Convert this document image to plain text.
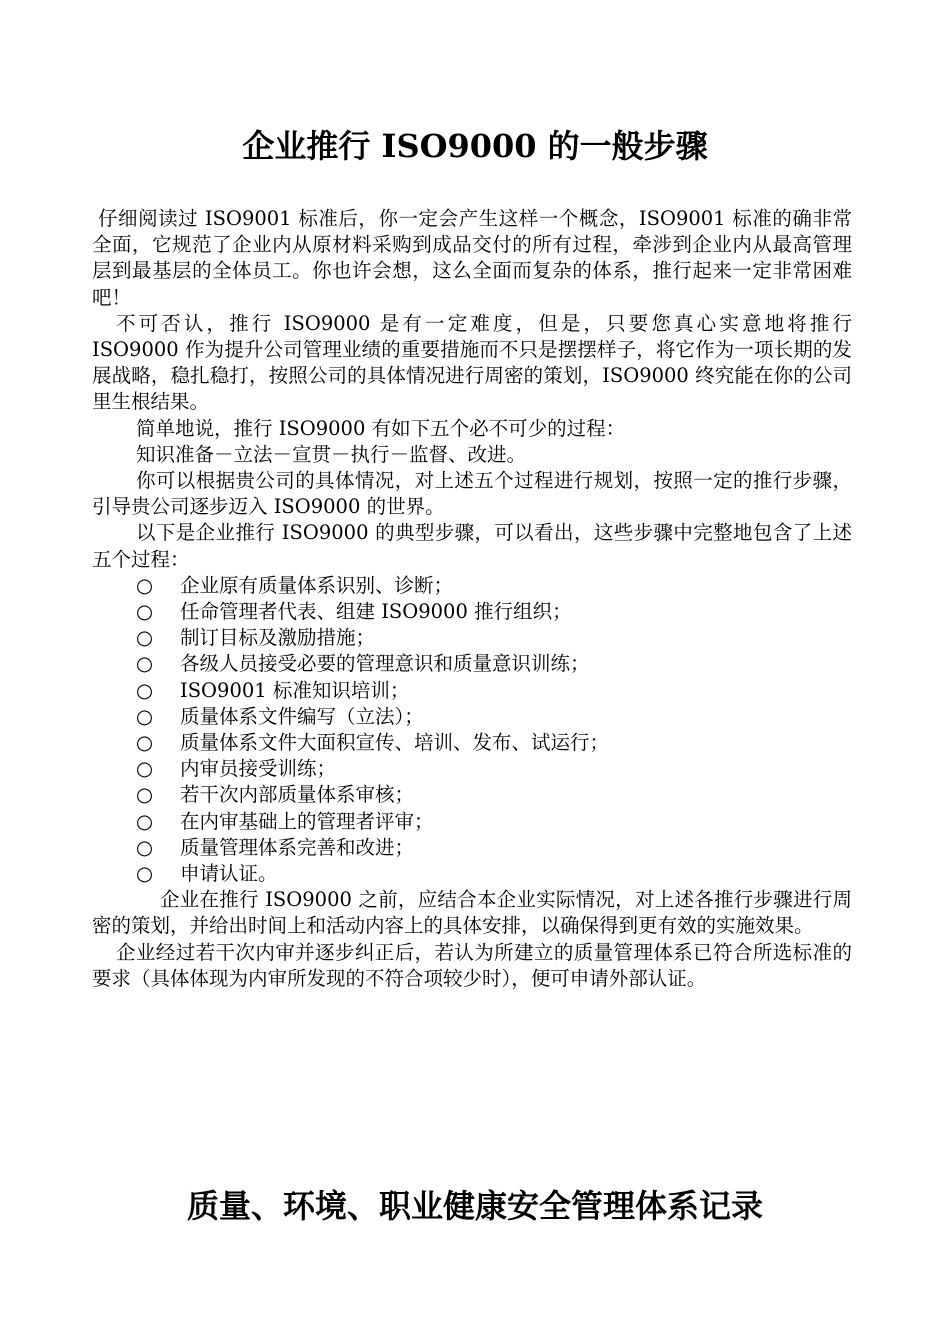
企业推行 ISO9000 的一般步骤

仔细阅读过 ISO9001 标准后，你一定会产生这样一个概念，ISO9001 标准的确非常全面，它规范了企业内从原材料采购到成品交付的所有过程，牵涉到企业内从最高管理层到最基层的全体员工。你也许会想，这么全面而复杂的体系，推行起来一定非常困难吧！

不可否认，推行 ISO9000 是有一定难度，但是，只要您真心实意地将推行 ISO9000 作为提升公司管理业绩的重要措施而不只是摆摆样子，将它作为一项长期的发展战略，稳扎稳打，按照公司的具体情况进行周密的策划，ISO9000 终究能在你的公司里生根结果。

简单地说，推行 ISO9000 有如下五个必不可少的过程：

知识准备－立法－宣贯－执行－监督、改进。

你可以根据贵公司的具体情况，对上述五个过程进行规划，按照一定的推行步骤，引导贵公司逐步迈入 ISO9000 的世界。

以下是企业推行 ISO9000 的典型步骤，可以看出，这些步骤中完整地包含了上述五个过程：

○ 企业原有质量体系识别、诊断；
○ 任命管理者代表、组建 ISO9000 推行组织；
○ 制订目标及激励措施；
○ 各级人员接受必要的管理意识和质量意识训练；
○ ISO9001 标准知识培训；
○ 质量体系文件编写（立法）；
○ 质量体系文件大面积宣传、培训、发布、试运行；
○ 内审员接受训练；
○ 若干次内部质量体系审核；
○ 在内审基础上的管理者评审；
○ 质量管理体系完善和改进；
○ 申请认证。

企业在推行 ISO9000 之前，应结合本企业实际情况，对上述各推行步骤进行周密的策划，并给出时间上和活动内容上的具体安排，以确保得到更有效的实施效果。

企业经过若干次内审并逐步纠正后，若认为所建立的质量管理体系已符合所选标准的要求（具体体现为内审所发现的不符合项较少时），便可申请外部认证。

质量、环境、职业健康安全管理体系记录
